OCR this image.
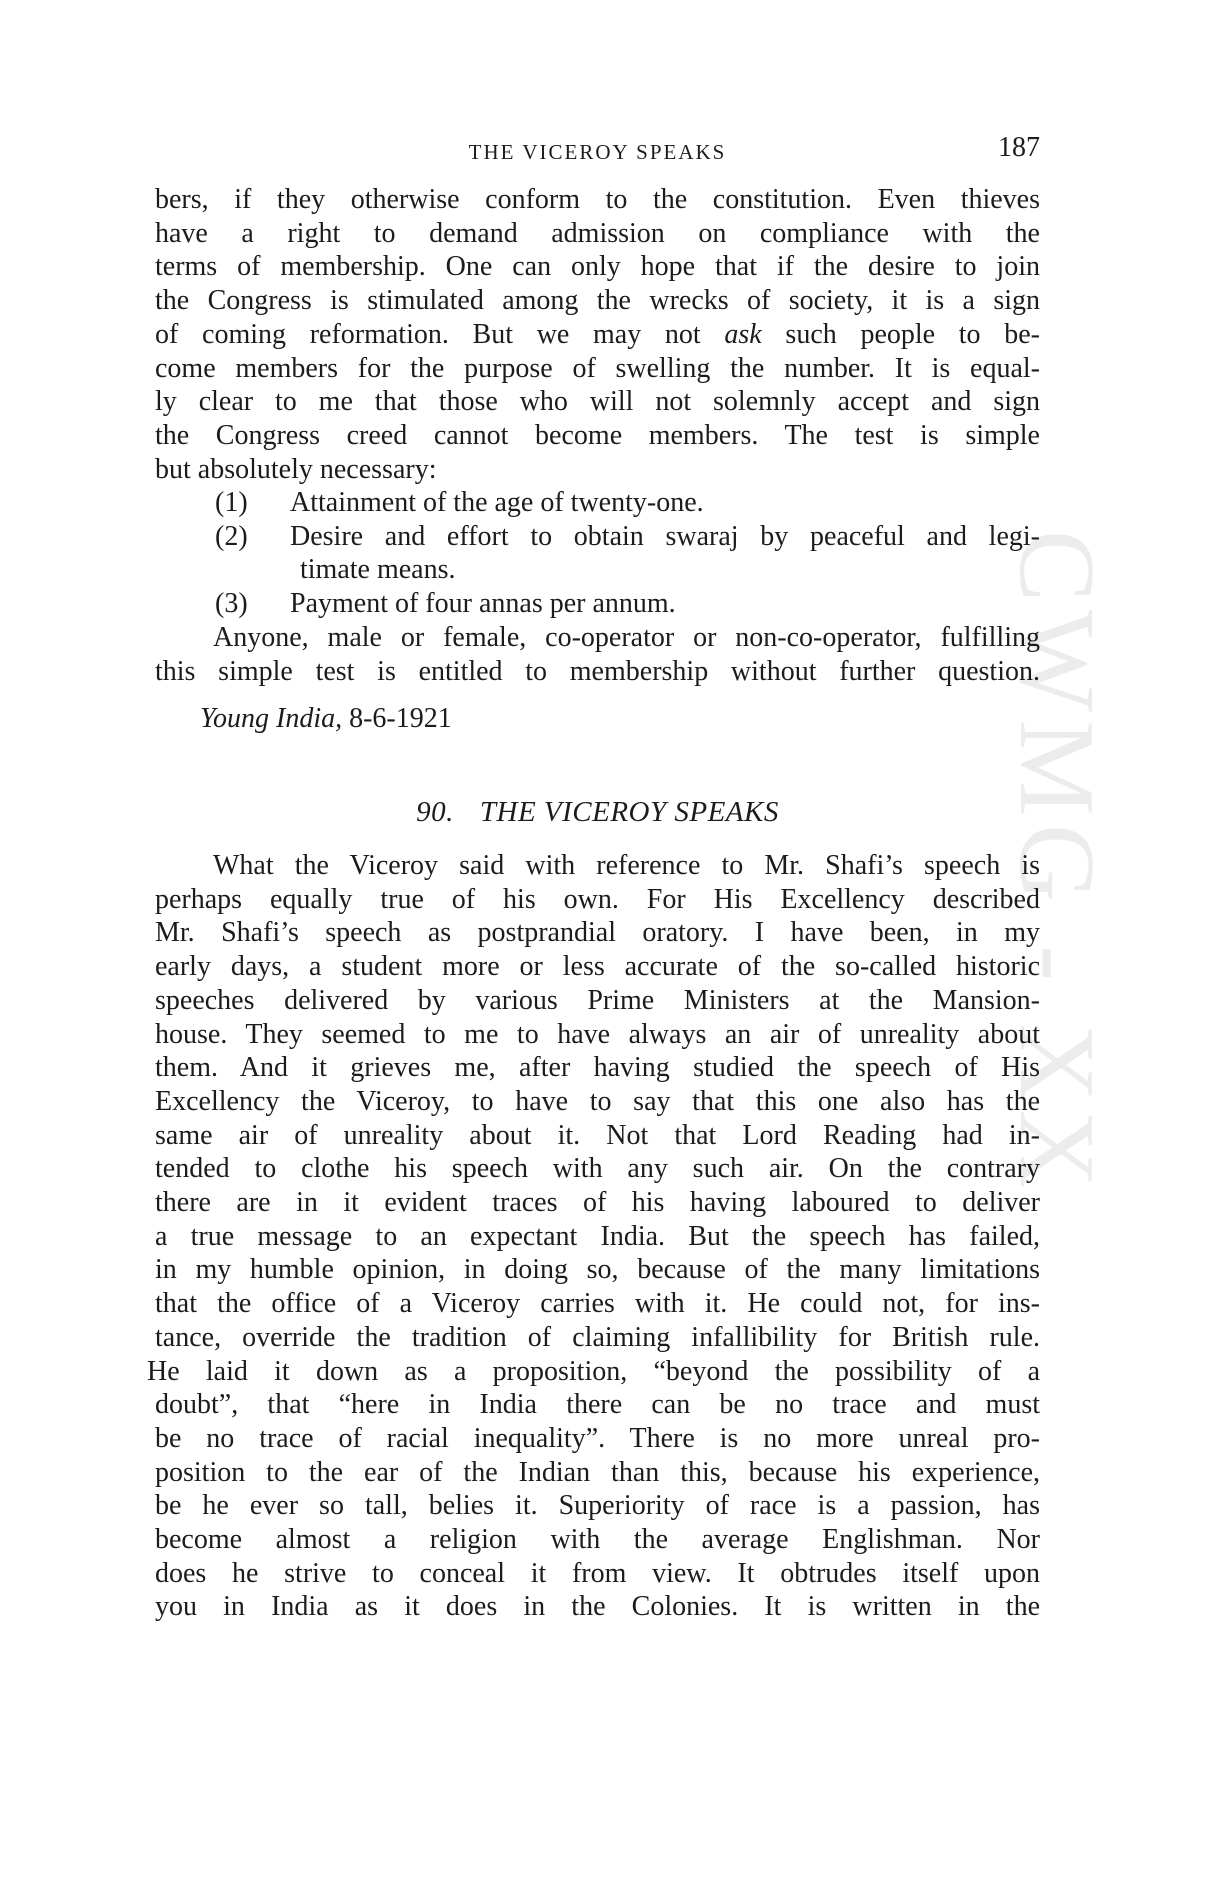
CWMG - XX
THE VICEROY SPEAKS	187
bers, if they otherwise conform to the constitution. Even thieves
have a right to demand admission on compliance with the
terms of membership. One can only hope that if the desire to join
the Congress is stimulated among the wrecks of society, it is a sign
of coming reformation. But we may not ask such people to be-
come members for the purpose of swelling the number. It is equal-
ly clear to me that those who will not solemnly accept and sign
the Congress creed cannot become members. The test is simple
but absolutely necessary:
(1) Attainment of the age of twenty-one.
(2) Desire and effort to obtain swaraj by peaceful and legi-
timate means.
(3) Payment of four annas per annum.
Anyone, male or female, co-operator or non-co-operator, fulfilling
this simple test is entitled to membership without further question.
Young India, 8-6-1921
90. THE VICEROY SPEAKS
What the Viceroy said with reference to Mr. Shafi’s speech is
perhaps equally true of his own. For His Excellency described
Mr. Shafi’s speech as postprandial oratory. I have been, in my
early days, a student more or less accurate of the so-called historic
speeches delivered by various Prime Ministers at the Mansion-
house. They seemed to me to have always an air of unreality about
them. And it grieves me, after having studied the speech of His
Excellency the Viceroy, to have to say that this one also has the
same air of unreality about it. Not that Lord Reading had in-
tended to clothe his speech with any such air. On the contrary
there are in it evident traces of his having laboured to deliver
a true message to an expectant India. But the speech has failed,
in my humble opinion, in doing so, because of the many limitations
that the office of a Viceroy carries with it. He could not, for ins-
tance, override the tradition of claiming infallibility for British rule.
He laid it down as a proposition, “beyond the possibility of a
doubt”, that “here in India there can be no trace and must
be no trace of racial inequality”. There is no more unreal pro-
position to the ear of the Indian than this, because his experience,
be he ever so tall, belies it. Superiority of race is a passion, has
become almost a religion with the average Englishman. Nor
does he strive to conceal it from view. It obtrudes itself upon
you in India as it does in the Colonies. It is written in the
